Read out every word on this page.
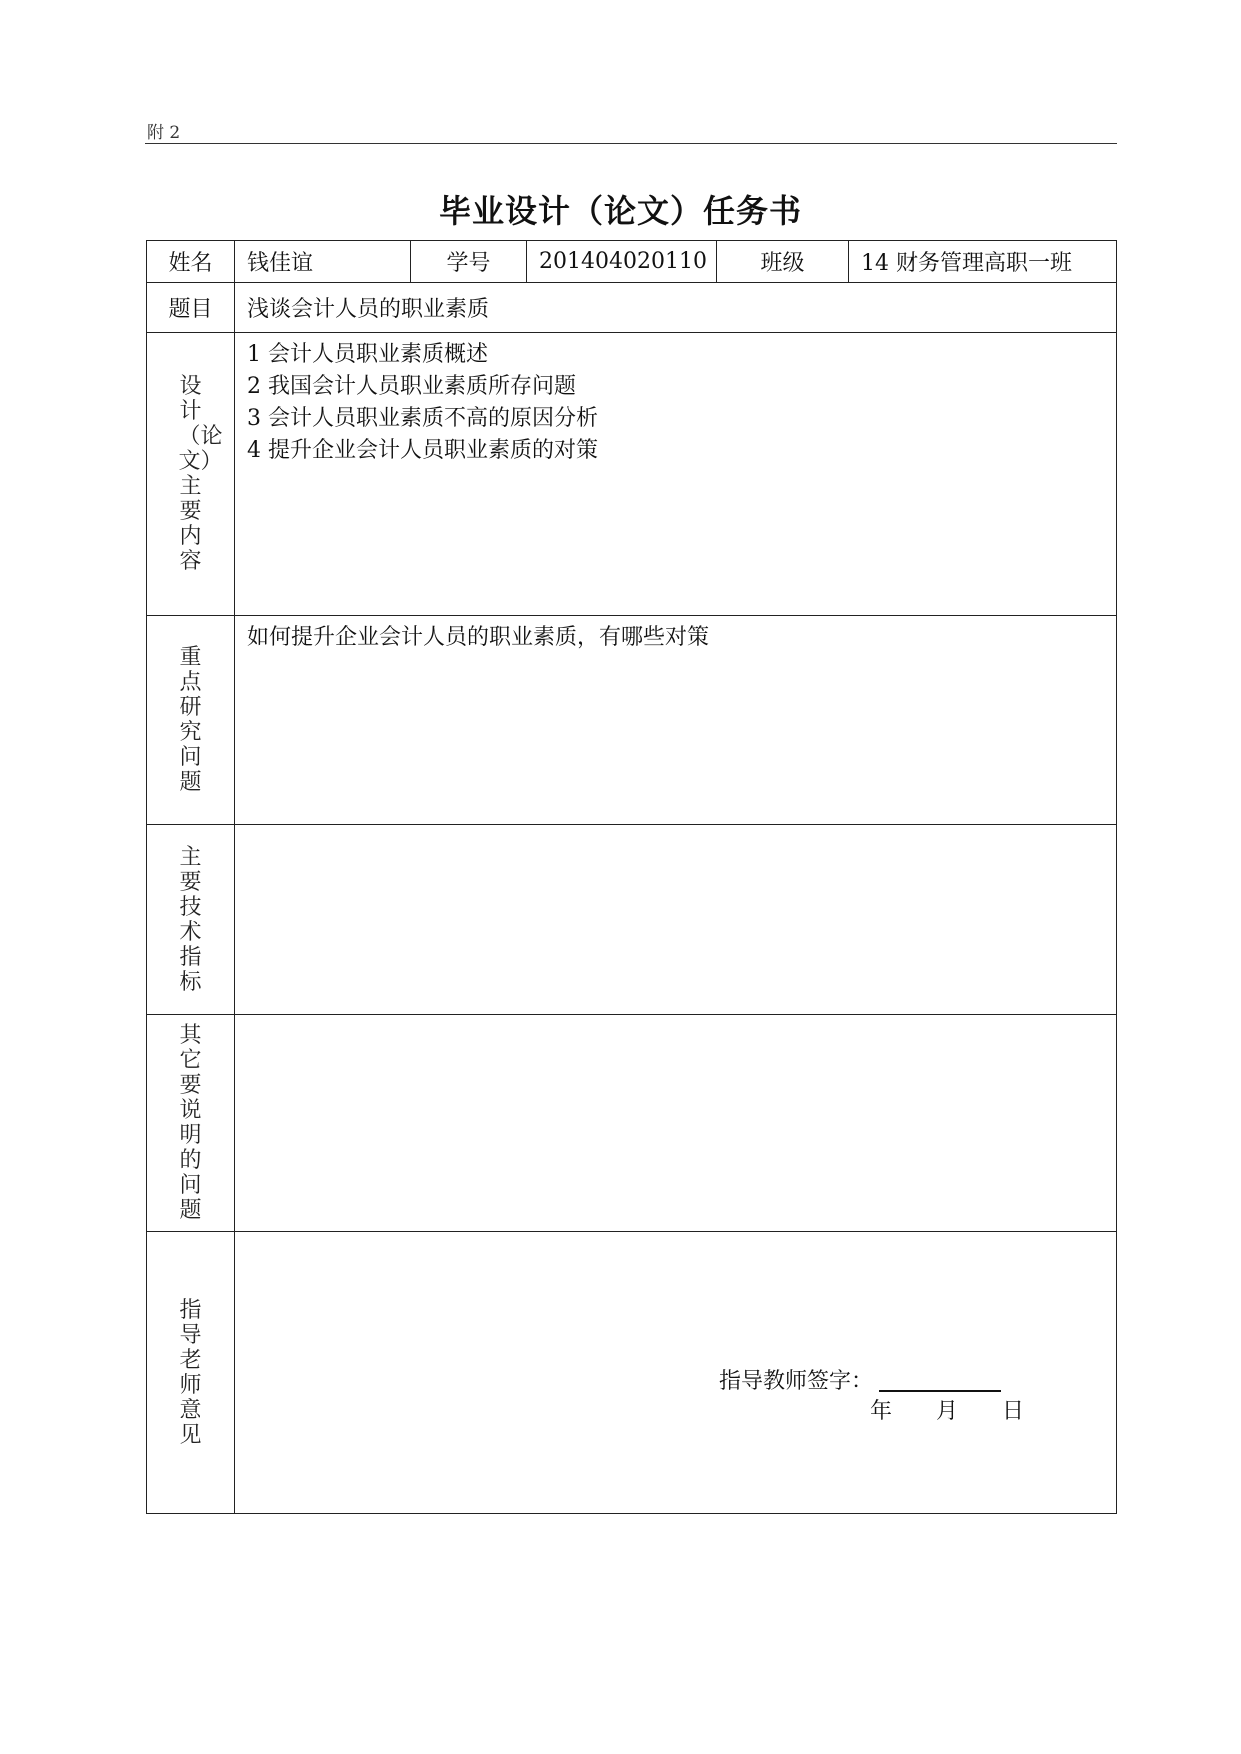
附 2
毕业设计（论文）任务书
姓名	钱佳谊	学号	201404020110	班级	14 财务管理高职一班
题目	浅谈会计人员的职业素质				
设计（论文）主要内容	1 会计人员职业素质概述
2 我国会计人员职业素质所存问题
3 会计人员职业素质不高的原因分析
4 提升企业会计人员职业素质的对策				

重点研究问题	如何提升企业会计人员的职业素质，有哪些对策				
主要技术指标					
其它要说明的问题					
指导老师意见	指导教师签字：
年 月 日				
